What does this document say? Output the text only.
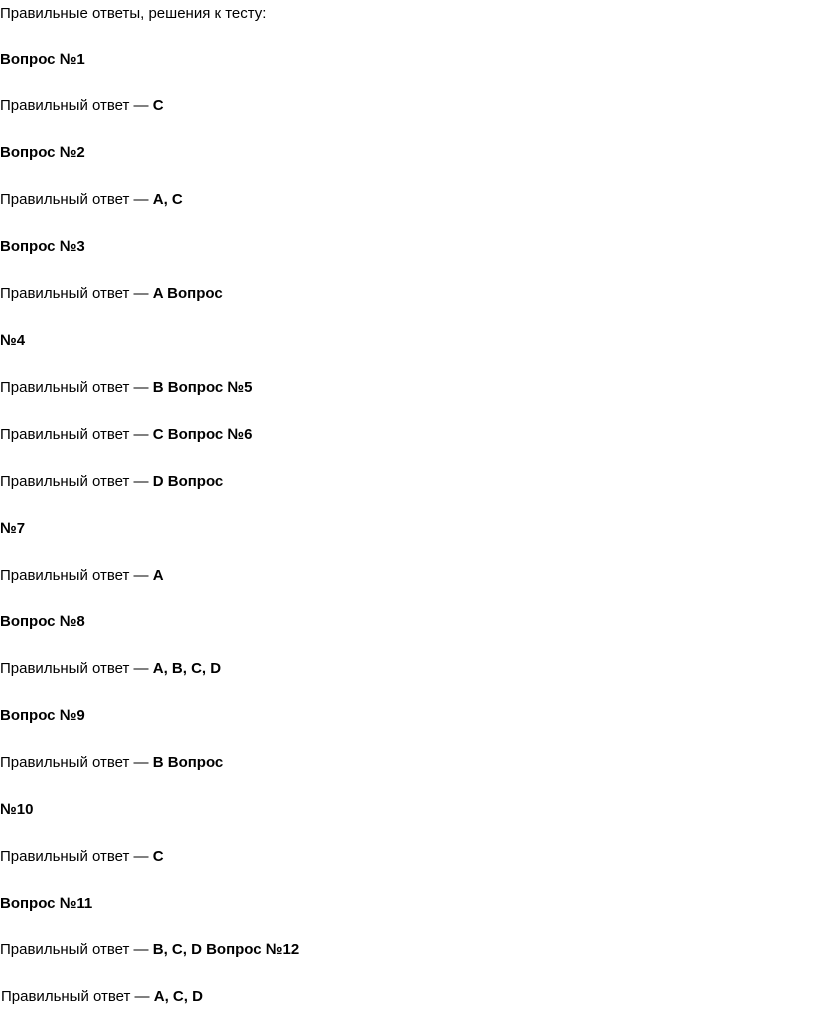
Правильные ответы, решения к тесту:
Вопрос №1
Правильный ответ — C
Вопрос №2
Правильный ответ — A, C
Вопрос №3
Правильный ответ — A Вопрос
№4
Правильный ответ — B Вопрос №5
Правильный ответ — C Вопрос №6
Правильный ответ — D Вопрос
№7
Правильный ответ — A
Вопрос №8
Правильный ответ — A, B, C, D
Вопрос №9
Правильный ответ — B Вопрос
№10
Правильный ответ — C
Вопрос №11
Правильный ответ — B, C, D Вопрос №12
Правильный ответ — A, C, D
